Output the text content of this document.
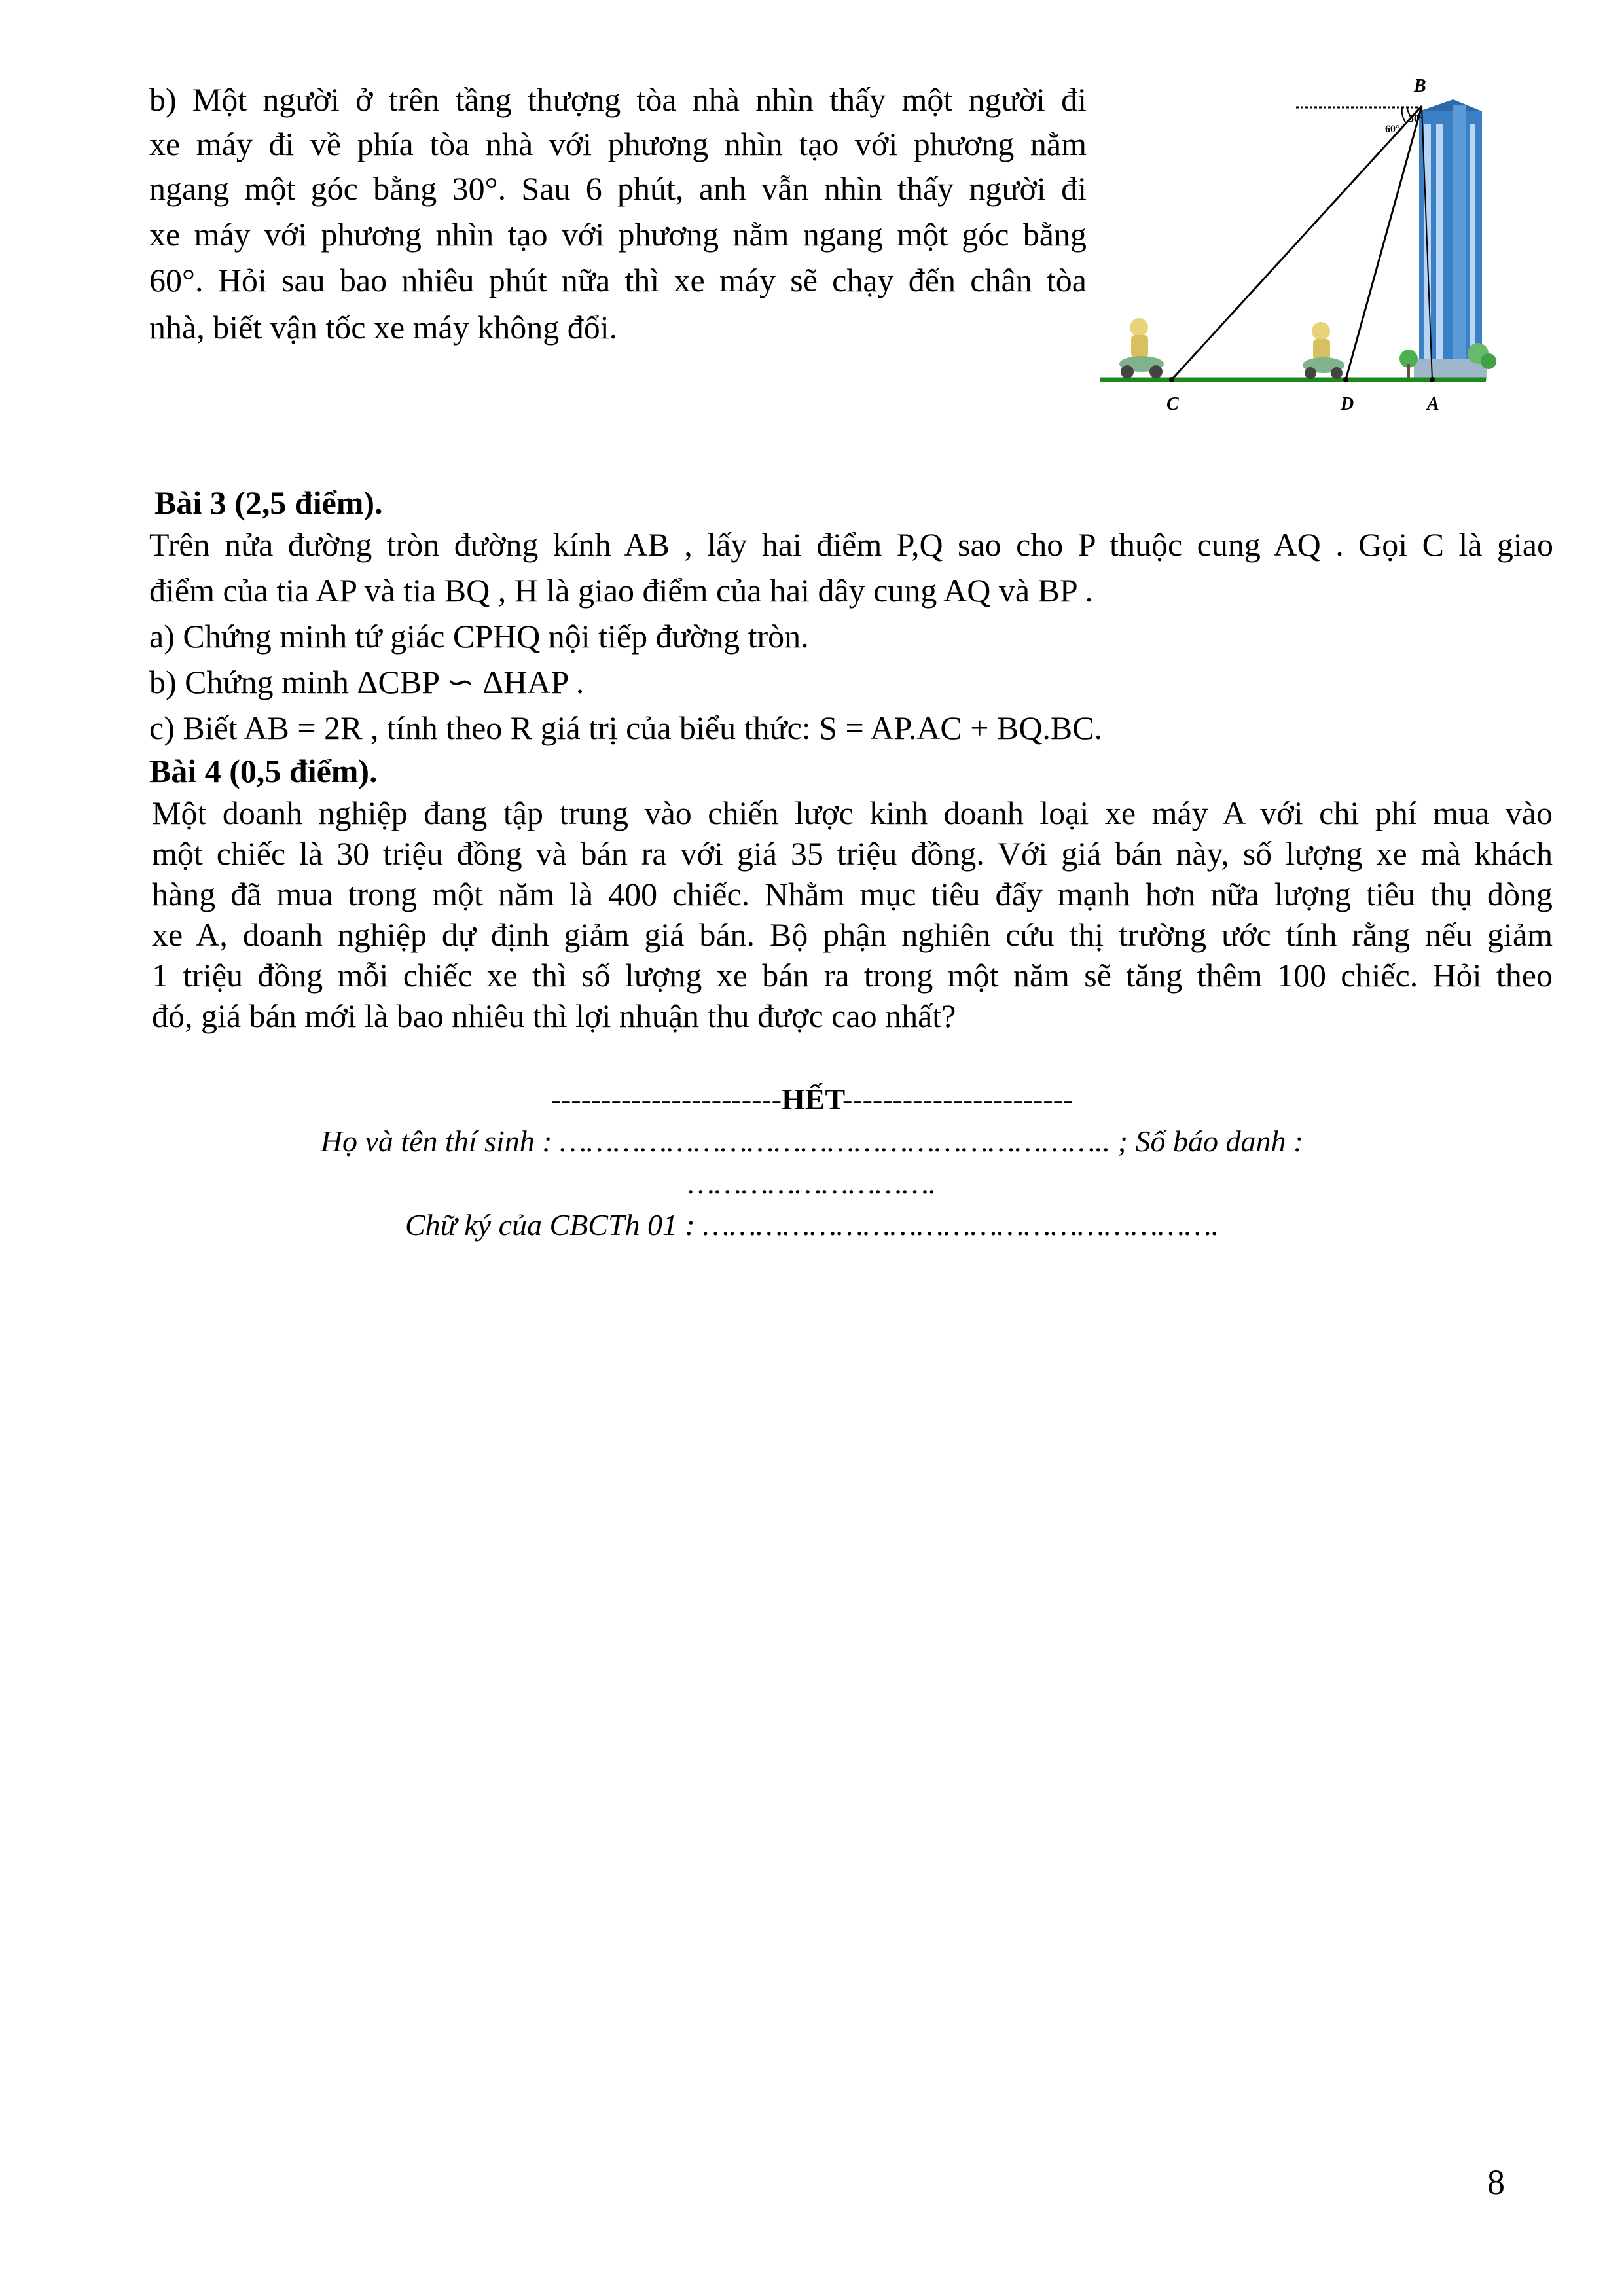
b) Một người ở trên tầng thượng tòa nhà nhìn thấy một người đi
xe máy đi về phía tòa nhà với phương nhìn tạo với phương nằm
ngang một góc bằng 30°. Sau 6 phút, anh vẫn nhìn thấy người đi
xe máy với phương nhìn tạo với phương nằm ngang một góc bằng
60°. Hỏi sau bao nhiêu phút nữa thì xe máy sẽ chạy đến chân tòa
nhà, biết vận tốc xe máy không đổi.
B
C	D	A
30°
60°
Bài 3 (2,5 điểm).
Trên nửa đường tròn đường kính AB , lấy hai điểm P,Q sao cho P thuộc cung AQ . Gọi C là giao
điểm của tia AP và tia BQ , H là giao điểm của hai dây cung AQ và BP .
a) Chứng minh tứ giác CPHQ nội tiếp đường tròn.
b) Chứng minh ΔCBP ∽ ΔHAP .
c) Biết AB = 2R , tính theo R giá trị của biểu thức: S = AP.AC + BQ.BC.
Bài 4 (0,5 điểm).
Một doanh nghiệp đang tập trung vào chiến lược kinh doanh loại xe máy A với chi phí mua vào
một chiếc là 30 triệu đồng và bán ra với giá 35 triệu đồng. Với giá bán này, số lượng xe mà khách
hàng đã mua trong một năm là 400 chiếc. Nhằm mục tiêu đẩy mạnh hơn nữa lượng tiêu thụ dòng
xe A, doanh nghiệp dự định giảm giá bán. Bộ phận nghiên cứu thị trường ước tính rằng nếu giảm
1 triệu đồng mỗi chiếc xe thì số lượng xe bán ra trong một năm sẽ tăng thêm 100 chiếc. Hỏi theo
đó, giá bán mới là bao nhiêu thì lợi nhuận thu được cao nhất?
-----------------------HẾT-----------------------
Họ và tên thí sinh : …………………………………………………….. ; Số báo danh :
……………………….
Chữ ký của CBCTh 01 : ………………………………………………….
8
